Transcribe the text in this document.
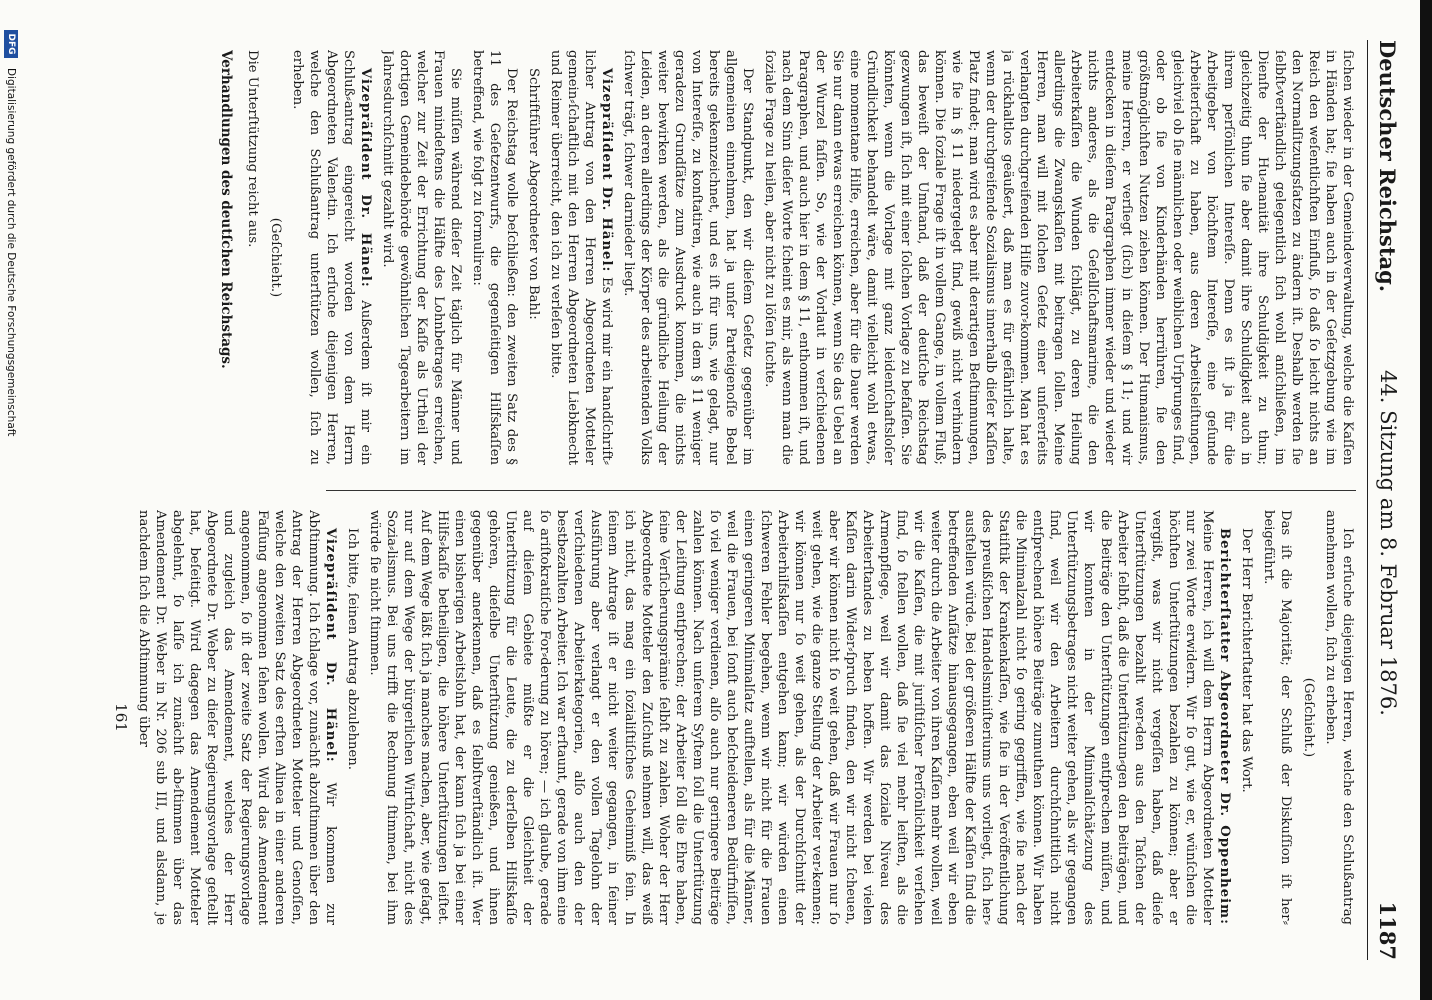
Deutscher Reichstag.
44. Sitzung am 8. Februar 1876.
1187

ſichen wieder in der Gemeindeverwaltung, welche die Kaſſen in Händen hat; ſie haben auch in der Geſetzgebung wie im Reich den weſentlichſten Einfluß, ſo daß ſo leicht nichts an den Normalſitzungsſatzen zu ändern iſt. Deshalb werden ſie ſelbſt⸗verſtändlich gelegentlich ſich wohl anſchließen, im Dienſte der Hu⸗manität ihre Schuldigkeit zu thun; gleichzeitig thun ſie aber damit ihre Schuldigkeit auch in ihrem perſönlichen Intereſſe. Denn es iſt ja für die Arbeitgeber von höchſtem Intereſſe, eine geſunde Arbeiterſchaft zu haben, aus deren Arbeitsleiſtungen, gleichviel ob ſie männlichen oder weiblichen Urſprunges ſind, oder ob ſie von Kinderhänden herrühren, ſie den größtmöglichſten Nutzen ziehen können. Der Humanismus, meine Herren, er verſiegt (ſich) in dieſem § 11; und wir entdecken in dieſem Paragraphen immer wieder und wieder nichts anderes, als die Geſellſchaftsmarime, die den Arbeiterkaſſen die Wunden ſchlägt, zu deren Heilung allerdings die Zwangskaſſen mit beitragen ſollen. Meine Herren, man will mit ſolchen Geſetz einer unſererſeits verlangten durchgreifenden Hilfe zuvor⸗kommen. Man hat es ja rückhaltlos geäußert, daß man es für gefährlich halte, wenn der durchgreifende Sozialismus innerhalb dieſer Kaſſen Platz findet; man wird es aber mit derartigen Beſtimmungen, wie ſie in § 11 niedergelegt ſind, gewiß nicht verhindern können. Die ſoziale Frage iſt in vollem Gange, in vollem Fluß; das beweiſt der Umſtand, daß der deutſche Reichstag gezwungen iſt, ſich mit einer ſolchen Vorlage zu befaſſen. Sie könnten, wenn die Vorlage mit ganz leidenſchaftsloſer Gründlichkeit behandelt wäre, damit vielleicht wohl etwas, eine momentane Hilfe, erreichen, aber für die Dauer werden Sie nur dann etwas erreichen können, wenn Sie das Uebel an der Wurzel faſſen. So, wie der Vorlaut in verſchiedenen Paragraphen, und auch hier in dem § 11, enthommen iſt, und nach dem Sinn dieſer Worte ſcheint es mir, als wenn man die ſoziale Frage zu heilen, aber nicht zu löſen ſuchte.

Der Standpunkt, den wir dieſem Geſetz gegenüber im allgemeinen einnehmen, hat ja unſer Parteigenoſſe Bebel bereits gekennzeichnet, und es iſt für uns, wie gelagt, nur von Intereſſe, zu konſtatiren, wie auch in dem § 11 weniger geradezu Grundſätze zum Ausdruck kommen, die nichts weiter bewirken werden, als die gründliche Heilung der Leiden, an deren allerdings der Körper des arbeitenden Volks ſchwer trägt, ſchwer darnieder liegt.

Vizepräſident Dr. Hänel: Es wird mir ein handſchrift⸗licher Antrag von den Herren Abgeordneten Motteler gemein⸗ſchaftlich mit den Herren Abgeordneten Liebknecht und Reimer überreicht, den ich zu verleſen bitte.

Schriftführer Abgeordneter von Bahl:

Der Reichstag wolle beſchließen: den zweiten Satz des § 11 des Geſetzentwurfs, die gegenſeitigen Hilfskaſſen betreffend, wie folgt zu formuliren:

Sie müſſen während dieſer Zeit täglich für Männer und Frauen mindeſtens die Hälfte des Lohnbetrages erreichen, welcher zur Zeit der Errichtung der Kaſſe als Urtheil der dortigen Gemeindebehörde gewöhnlichen Tagearbeitern im Jahresdurchſchnitt gezahlt wird.

Vizepräſident Dr. Hänel: Außerdem iſt mir ein Schluß⸗antrag eingereicht worden von dem Herrn Abgeordneten Valen⸗tin. Ich erſuche diejenigen Herren, welche den Schlußantrag unterſtützen wollen, ſich zu erheben.

(Geſchieht.)

Die Unterſtützung reicht aus.

Verhandlungen des deutſchen Reichstags.

Ich erſuche diejenigen Herren, welche den Schlußantrag annehmen wollen, ſich zu erheben.

(Geſchieht.)

Das iſt die Majorität; der Schluß der Diskuſſion iſt her⸗beigeführt.

Der Herr Berichterſtatter hat das Wort.

Berichterſtatter Abgeordneter Dr. Oppenheim: Meine Herren, ich will dem Herrn Abgeordneten Motteler nur zwei Worte erwidern. Wir ſo gut, wie er, wünſchen die höchſten Unterſtützungen bezahlen zu können; aber er vergißt, was wir nicht vergeſſen haben, daß dieſe Unterſtützungen bezahlt wer⸗den aus den Taſchen der Arbeiter ſelbſt, daß die Unterſtützun⸗gen den Beiträgen, und die Beiträge den Unterſtützungen entſprechen müſſen, und wir konnten in der Minimalſchät⸗zung des Unterſtützungsbetrages nicht weiter gehen, als wir gegangen ſind, weil wir den Arbeitern durchſchnittlich nicht entſprechend höhere Beiträge zumuthen können. Wir haben die Minimalzahl nicht ſo gering gegriffen, wie ſie nach der Statiſtik der Krankenkaſſen, wie ſie in der Veröffentlichung des preußiſchen Handelsminiſteriums uns vorliegt, ſich her⸗ausſtellen würde. Bei der größeren Hälfte der Kaſſen ſind die betreffenden Anſätze hinausgegangen, eben weil wir eben weiter durch die Arbeiter von ihren Kaſſen mehr wollen, weil wir die Kaſſen, die mit juriſtiſcher Perſönlichkeit verſehen ſind, ſo ſtellen wollen, daß ſie viel mehr leiſten, als die Armenpflege, weil wir damit das ſoziale Niveau des Arbeiterſtandes zu heben hoffen. Wir werden bei vielen Kaſſen darin Wider⸗ſpruch finden, den wir nicht ſcheuen, aber wir können nicht ſo weit gehen, daß wir Frauen nur ſo weit gehen, wie die ganze Stellung der Arbeiter ver⸗kennen; wir können nur ſo weit gehen, als der Durchſchnitt der Arbeiterhilfskaſſen entgehen kann; wir würden einen ſchweren Fehler begehen, wenn wir nicht für die Frauen einen geringeren Minimalſatz aufſtellen, als für die Männer, weil die Frauen, bei ſonſt auch beſcheideneren Bedürfniſſen, ſo viel weniger verdienen, alſo auch nur geringere Beiträge zahlen können. Nach unſerem Syſtem ſoll die Unterſtützung der Leiſtung entſprechen; der Arbeiter ſoll die Ehre haben, ſeine Verſicherungsprämie ſelbſt zu zahlen. Woher der Herr Abgeordnete Motteler den Zuſchuß nehmen will, das weiß ich nicht, das mag ein ſozialiſtiſches Geheimniß ſein. In ſeinem Antrage iſt er nicht weiter gegangen, in ſeiner Ausführung aber verlangt er den vollen Tagelohn der verſchiedenen Arbeiterkategorien, alſo auch den der bestbezahlten Arbeiter. Ich war erſtaunt, gerade von ihm eine ſo ariſtokratiſche For⸗derung zu hören; — ich glaube, gerade auf dieſem Gebiete müßte er die Gleichheit der Unterſtützung für die Leute, die zu derſelben Hilfskaſſe gehören, dieſelbe Unterſtützung genießen, und ihnen gegenüber anerkennen, daß es ſelbſtverſtändlich iſt. Wer einen bisherigen Arbeitslohn hat, der kann ſich ja bei einer Hilfs⸗kaſſe betheiligen, die höhere Unterſtützungen leiſtet. Auf dem Wege läßt ſich ja manches machen, aber, wie geſagt, nur auf dem Wege der bürgerlichen Wirthſchaft, nicht des Sozia⸗lismus. Bei uns trifft die Rechnung ſtimmen, bei ihm würde ſie nicht ſtimmen.

Ich bitte, ſeinen Antrag abzulehnen.

Vizepräſident Dr. Hänel: Wir kommen zur Abſtimmung. Ich ſchlage vor, zunächſt abzuſtimmen über den Antrag der Herren Abgeordneten Motteler und Genoſſen, welche den zweiten Satz des erſten Alinea in einer anderen Faſſung angenommen ſehen wollen. Wird das Amendement angenommen, ſo iſt der zweite Satz der Regierungsvorlage und zugleich das Amendement, welches der Herr Abgeordnete Dr. Weber zu dieſer Regierungsvorlage geſtellt hat, beſeitigt. Wird dagegen das Amendement Motteler abgelehnt, ſo laſſe ich zunächſt ab⸗ſtimmen über das Amendement Dr. Weber in Nr. 206 sub III, und alsdann, je nachdem ſich die Abſtimmung über

161

DFG
Digitalisierung gefördert durch die Deutsche Forschungsgemeinschaft
